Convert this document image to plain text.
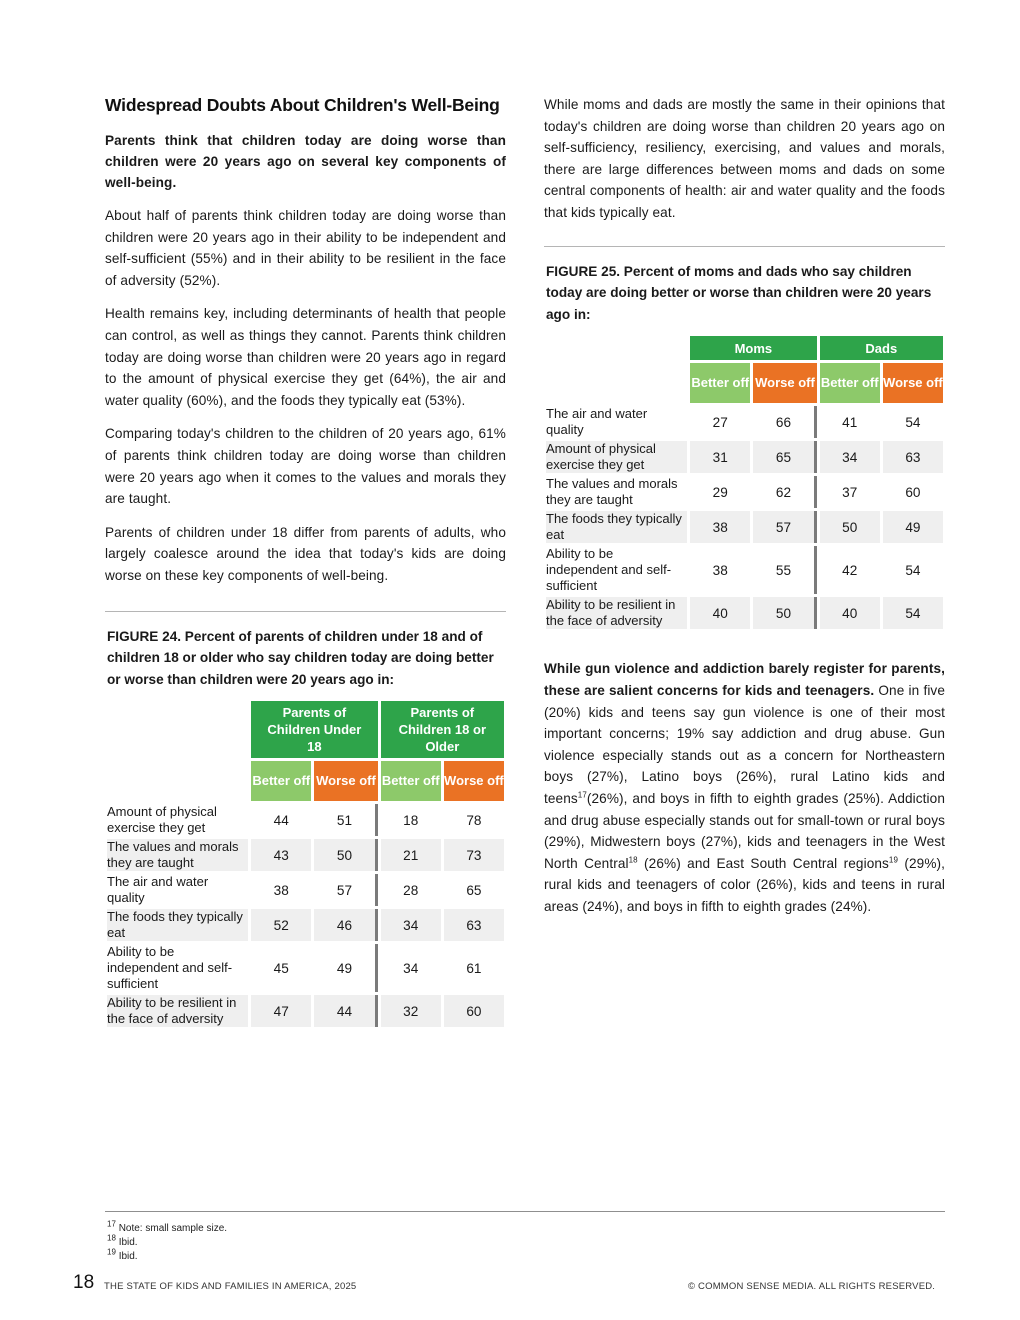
Widespread Doubts About Children's Well-Being

Parents think that children today are doing worse than children were 20 years ago on several key components of well-being.

About half of parents think children today are doing worse than children were 20 years ago in their ability to be independent and self-sufficient (55%) and in their ability to be resilient in the face of adversity (52%).

Health remains key, including determinants of health that people can control, as well as things they cannot. Parents think children today are doing worse than children were 20 years ago in regard to the amount of physical exercise they get (64%), the air and water quality (60%), and the foods they typically eat (53%).

Comparing today's children to the children of 20 years ago, 61% of parents think children today are doing worse than children were 20 years ago when it comes to the values and morals they are taught.

Parents of children under 18 differ from parents of adults, who largely coalesce around the idea that today's kids are doing worse on these key components of well-being.

FIGURE 24. Percent of parents of children under 18 and of children 18 or older who say children today are doing better or worse than children were 20 years ago in:
	Parents of Children Under 18		Parents of Children 18 or Older	
	Better off	Worse off	Better off	Worse off
Amount of physical exercise they get	44	51	18	78
The values and morals they are taught	43	50	21	73
The air and water quality	38	57	28	65
The foods they typically eat	52	46	34	63
Ability to be independent and self-sufficient	45	49	34	61
Ability to be resilient in the face of adversity	47	44	32	60

While moms and dads are mostly the same in their opinions that today's children are doing worse than children 20 years ago on self-sufficiency, resiliency, exercising, and values and morals, there are large differences between moms and dads on some central components of health: air and water quality and the foods that kids typically eat.

FIGURE 25. Percent of moms and dads who say children today are doing better or worse than children were 20 years ago in:
	Moms		Dads	
	Better off	Worse off	Better off	Worse off
The air and water quality	27	66	41	54
Amount of physical exercise they get	31	65	34	63
The values and morals they are taught	29	62	37	60
The foods they typically eat	38	57	50	49
Ability to be independent and self-sufficient	38	55	42	54
Ability to be resilient in the face of adversity	40	50	40	54

While gun violence and addiction barely register for parents, these are salient concerns for kids and teenagers. One in five (20%) kids and teens say gun violence is one of their most important concerns; 19% say addiction and drug abuse. Gun violence especially stands out as a concern for Northeastern boys (27%), Latino boys (26%), rural Latino kids and teens$^{17}$(26%), and boys in fifth to eighth grades (25%). Addiction and drug abuse especially stands out for small-town or rural boys (29%), Midwestern boys (27%), kids and teenagers in the West North Central$^{18}$ (26%) and East South Central regions$^{19}$ (29%), rural kids and teenagers of color (26%), kids and teens in rural areas (24%), and boys in fifth to eighth grades (24%).

$^{17}$ Note: small sample size.
$^{18}$ Ibid.
$^{19}$ Ibid.
18 THE STATE OF KIDS AND FAMILIES IN AMERICA, 2025	© COMMON SENSE MEDIA. ALL RIGHTS RESERVED.
